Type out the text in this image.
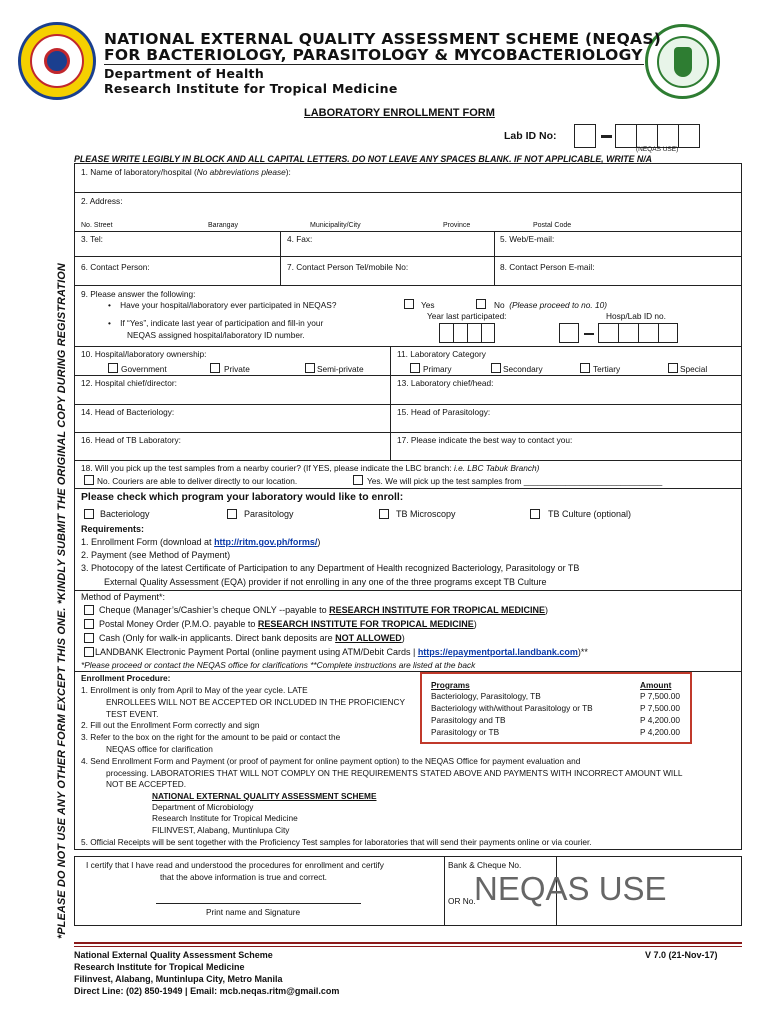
NATIONAL EXTERNAL QUALITY ASSESSMENT SCHEME (NEQAS)
FOR BACTERIOLOGY, PARASITOLOGY & MYCOBACTERIOLOGY
Department of Health
Research Institute for Tropical Medicine
LABORATORY ENROLLMENT FORM
Lab ID No:
(NEQAS USE)
PLEASE WRITE LEGIBLY IN BLOCK AND ALL CAPITAL LETTERS. DO NOT LEAVE ANY SPACES BLANK. IF NOT APPLICABLE, WRITE N/A
*PLEASE DO NOT USE ANY OTHER FORM EXCEPT THIS ONE. *KINDLY SUBMIT THE ORIGINAL COPY DURING REGISTRATION
1. Name of laboratory/hospital (No abbreviations please):
2. Address:
No. Street	Barangay	Municipality/City	Province	Postal Code
3. Tel:	4. Fax:	5. Web/E-mail:
6. Contact Person:	7. Contact Person Tel/mobile No:	8. Contact Person E-mail:
9. Please answer the following:
•    Have your hospital/laboratory ever participated in NEQAS?	Yes	No (Please proceed to no. 10)
•    If “Yes”, indicate last year of participation and fill-in your
NEQAS assigned hospital/laboratory ID number.
Year last participated:	Hosp/Lab ID no.
10. Hospital/laboratory ownership:
Government	Private	Semi-private
11. Laboratory Category
Primary	Secondary	Tertiary	Special
12. Hospital chief/director:	13. Laboratory chief/head:
14. Head of Bacteriology:	15. Head of Parasitology:
16. Head of TB Laboratory:	17. Please indicate the best way to contact you:
18. Will you pick up the test samples from a nearby courier? (If YES, please indicate the LBC branch: i.e. LBC Tabuk Branch)
No. Couriers are able to deliver directly to our location.	Yes. We will pick up the test samples from ______________________________
Please check which program your laboratory would like to enroll:
Bacteriology	Parasitology	TB Microscopy	TB Culture (optional)
Requirements:
1. Enrollment Form (download at http://ritm.gov.ph/forms/)
2. Payment (see Method of Payment)
3. Photocopy of the latest Certificate of Participation to any Department of Health recognized Bacteriology, Parasitology or TB
External Quality Assessment (EQA) provider if not enrolling in any one of the three programs except TB Culture
Method of Payment*:
Cheque (Manager’s/Cashier’s cheque ONLY --payable to RESEARCH INSTITUTE FOR TROPICAL MEDICINE)
Postal Money Order (P.M.O. payable to RESEARCH INSTITUTE FOR TROPICAL MEDICINE)
Cash (Only for walk-in applicants. Direct bank deposits are NOT ALLOWED)
LANDBANK Electronic Payment Portal (online payment using ATM/Debit Cards | https://epaymentportal.landbank.com)**
*Please proceed or contact the NEQAS office for clarifications **Complete instructions are listed at the back
Enrollment Procedure:
1. Enrollment is only from April to May of the year cycle. LATE
ENROLLEES WILL NOT BE ACCEPTED OR INCLUDED IN THE PROFICIENCY
TEST EVENT.
2. Fill out the Enrollment Form correctly and sign
3. Refer to the box on the right for the amount to be paid or contact the
NEQAS office for clarification
4. Send Enrollment Form and Payment (or proof of payment for online payment option) to the NEQAS Office for payment evaluation and
processing. LABORATORIES THAT WILL NOT COMPLY ON THE REQUIREMENTS STATED ABOVE AND PAYMENTS WITH INCORRECT AMOUNT WILL
NOT BE ACCEPTED.
NATIONAL EXTERNAL QUALITY ASSESSMENT SCHEME
Department of Microbiology
Research Institute for Tropical Medicine
FILINVEST, Alabang, Muntinlupa City
5. Official Receipts will be sent together with the Proficiency Test samples for laboratories that will send their payments online or via courier.
Programs	Amount
Bacteriology, Parasitology, TB	P 7,500.00
Bacteriology with/without Parasitology or TB	P 7,500.00
Parasitology and TB	P 4,200.00
Parasitology or TB	P 4,200.00
I certify that I have read and understood the procedures for enrollment and certify
that the above information is true and correct.
Print name and Signature
Bank & Cheque No.
OR No.
NEQAS USE
National External Quality Assessment Scheme
Research Institute for Tropical Medicine
Filinvest, Alabang, Muntinlupa City, Metro Manila
Direct Line: (02) 850-1949 | Email: mcb.neqas.ritm@gmail.com
V 7.0 (21-Nov-17)
